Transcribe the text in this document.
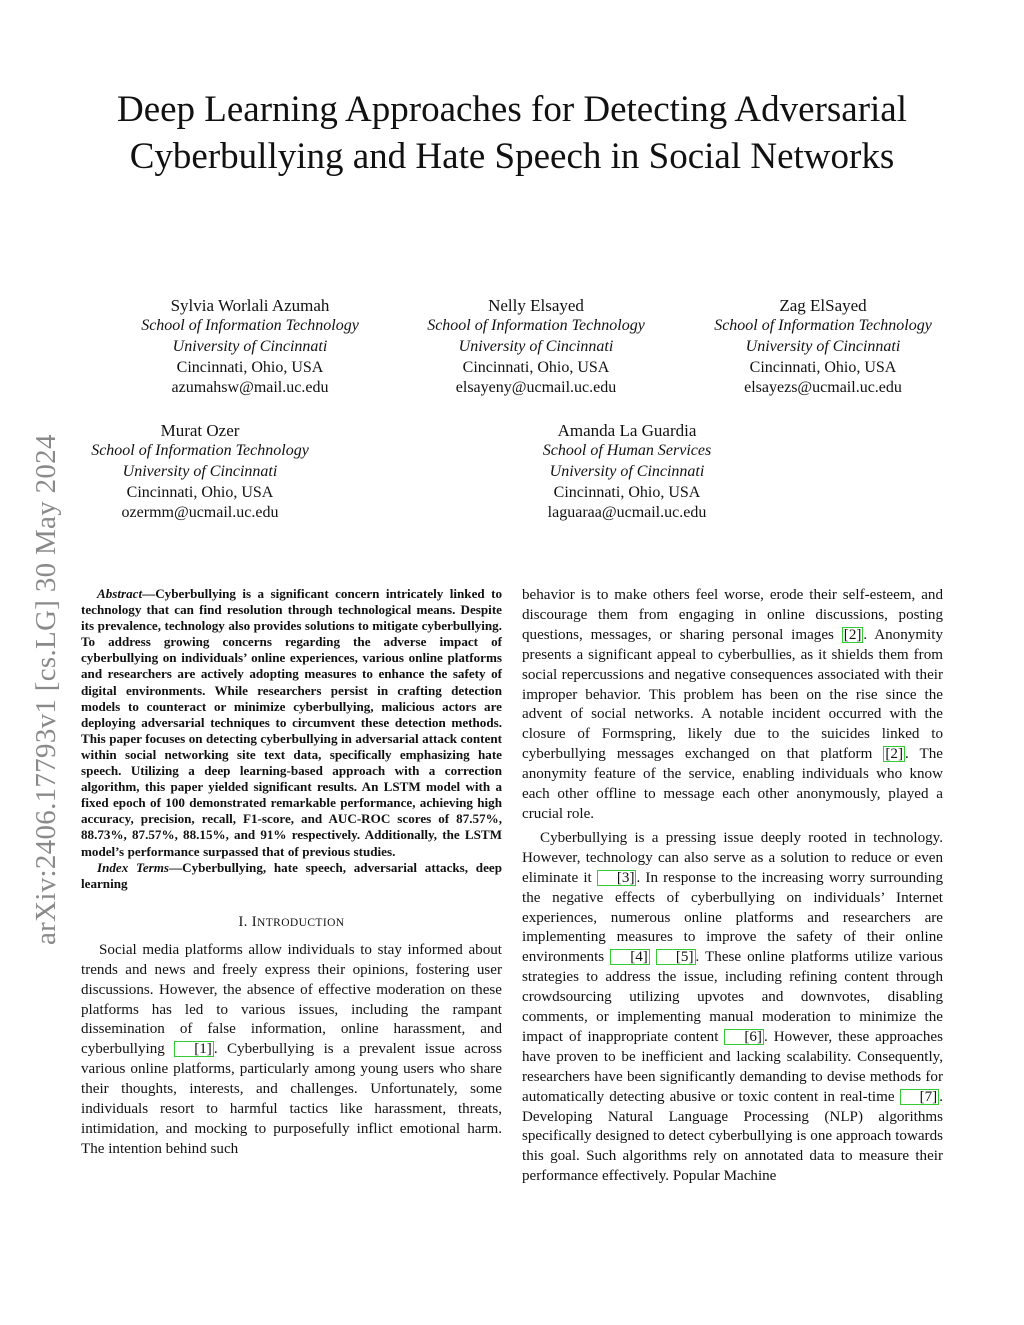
arXiv:2406.17793v1 [cs.LG] 30 May 2024
Deep Learning Approaches for Detecting Adversarial Cyberbullying and Hate Speech in Social Networks
Sylvia Worlali Azumah
School of Information Technology
University of Cincinnati
Cincinnati, Ohio, USA
azumahsw@mail.uc.edu
Nelly Elsayed
School of Information Technology
University of Cincinnati
Cincinnati, Ohio, USA
elsayeny@ucmail.uc.edu
Zag ElSayed
School of Information Technology
University of Cincinnati
Cincinnati, Ohio, USA
elsayezs@ucmail.uc.edu
Murat Ozer
School of Information Technology
University of Cincinnati
Cincinnati, Ohio, USA
ozermm@ucmail.uc.edu
Amanda La Guardia
School of Human Services
University of Cincinnati
Cincinnati, Ohio, USA
laguaraa@ucmail.uc.edu

Abstract—Cyberbullying is a significant concern intricately linked to technology that can find resolution through technological means. Despite its prevalence, technology also provides solutions to mitigate cyberbullying. To address growing concerns regarding the adverse impact of cyberbullying on individuals’ online experiences, various online platforms and researchers are actively adopting measures to enhance the safety of digital environments. While researchers persist in crafting detection models to counteract or minimize cyberbullying, malicious actors are deploying adversarial techniques to circumvent these detection methods. This paper focuses on detecting cyberbullying in adversarial attack content within social networking site text data, specifically emphasizing hate speech. Utilizing a deep learning-based approach with a correction algorithm, this paper yielded significant results. An LSTM model with a fixed epoch of 100 demonstrated remarkable performance, achieving high accuracy, precision, recall, F1-score, and AUC-ROC scores of 87.57%, 88.73%, 87.57%, 88.15%, and 91% respectively. Additionally, the LSTM model’s performance surpassed that of previous studies.

Index Terms—Cyberbullying, hate speech, adversarial attacks, deep learning

I. INTRODUCTION

Social media platforms allow individuals to stay informed about trends and news and freely express their opinions, fostering user discussions. However, the absence of effective moderation on these platforms has led to various issues, including the rampant dissemination of false information, online harassment, and cyberbullying [1] . Cyberbullying is a prevalent issue across various online platforms, particularly among young users who share their thoughts, interests, and challenges. Unfortunately, some individuals resort to harmful tactics like harassment, threats, intimidation, and mocking to purposefully inflict emotional harm. The intention behind such

behavior is to make others feel worse, erode their self-esteem, and discourage them from engaging in online discussions, posting questions, messages, or sharing personal images [2] . Anonymity presents a significant appeal to cyberbullies, as it shields them from social repercussions and negative consequences associated with their improper behavior. This problem has been on the rise since the advent of social networks. A notable incident occurred with the closure of Formspring, likely due to the suicides linked to cyberbullying messages exchanged on that platform [2] . The anonymity feature of the service, enabling individuals who know each other offline to message each other anonymously, played a crucial role.

Cyberbullying is a pressing issue deeply rooted in technology. However, technology can also serve as a solution to reduce or even eliminate it [3] . In response to the increasing worry surrounding the negative effects of cyberbullying on individuals’ Internet experiences, numerous online platforms and researchers are implementing measures to improve the safety of their online environments [4] [5] . These online platforms utilize various strategies to address the issue, including refining content through crowdsourcing utilizing upvotes and downvotes, disabling comments, or implementing manual moderation to minimize the impact of inappropriate content [6] . However, these approaches have proven to be inefficient and lacking scalability. Consequently, researchers have been significantly demanding to devise methods for automatically detecting abusive or toxic content in real-time [7] . Developing Natural Language Processing (NLP) algorithms specifically designed to detect cyberbullying is one approach towards this goal. Such algorithms rely on annotated data to measure their performance effectively. Popular Machine
